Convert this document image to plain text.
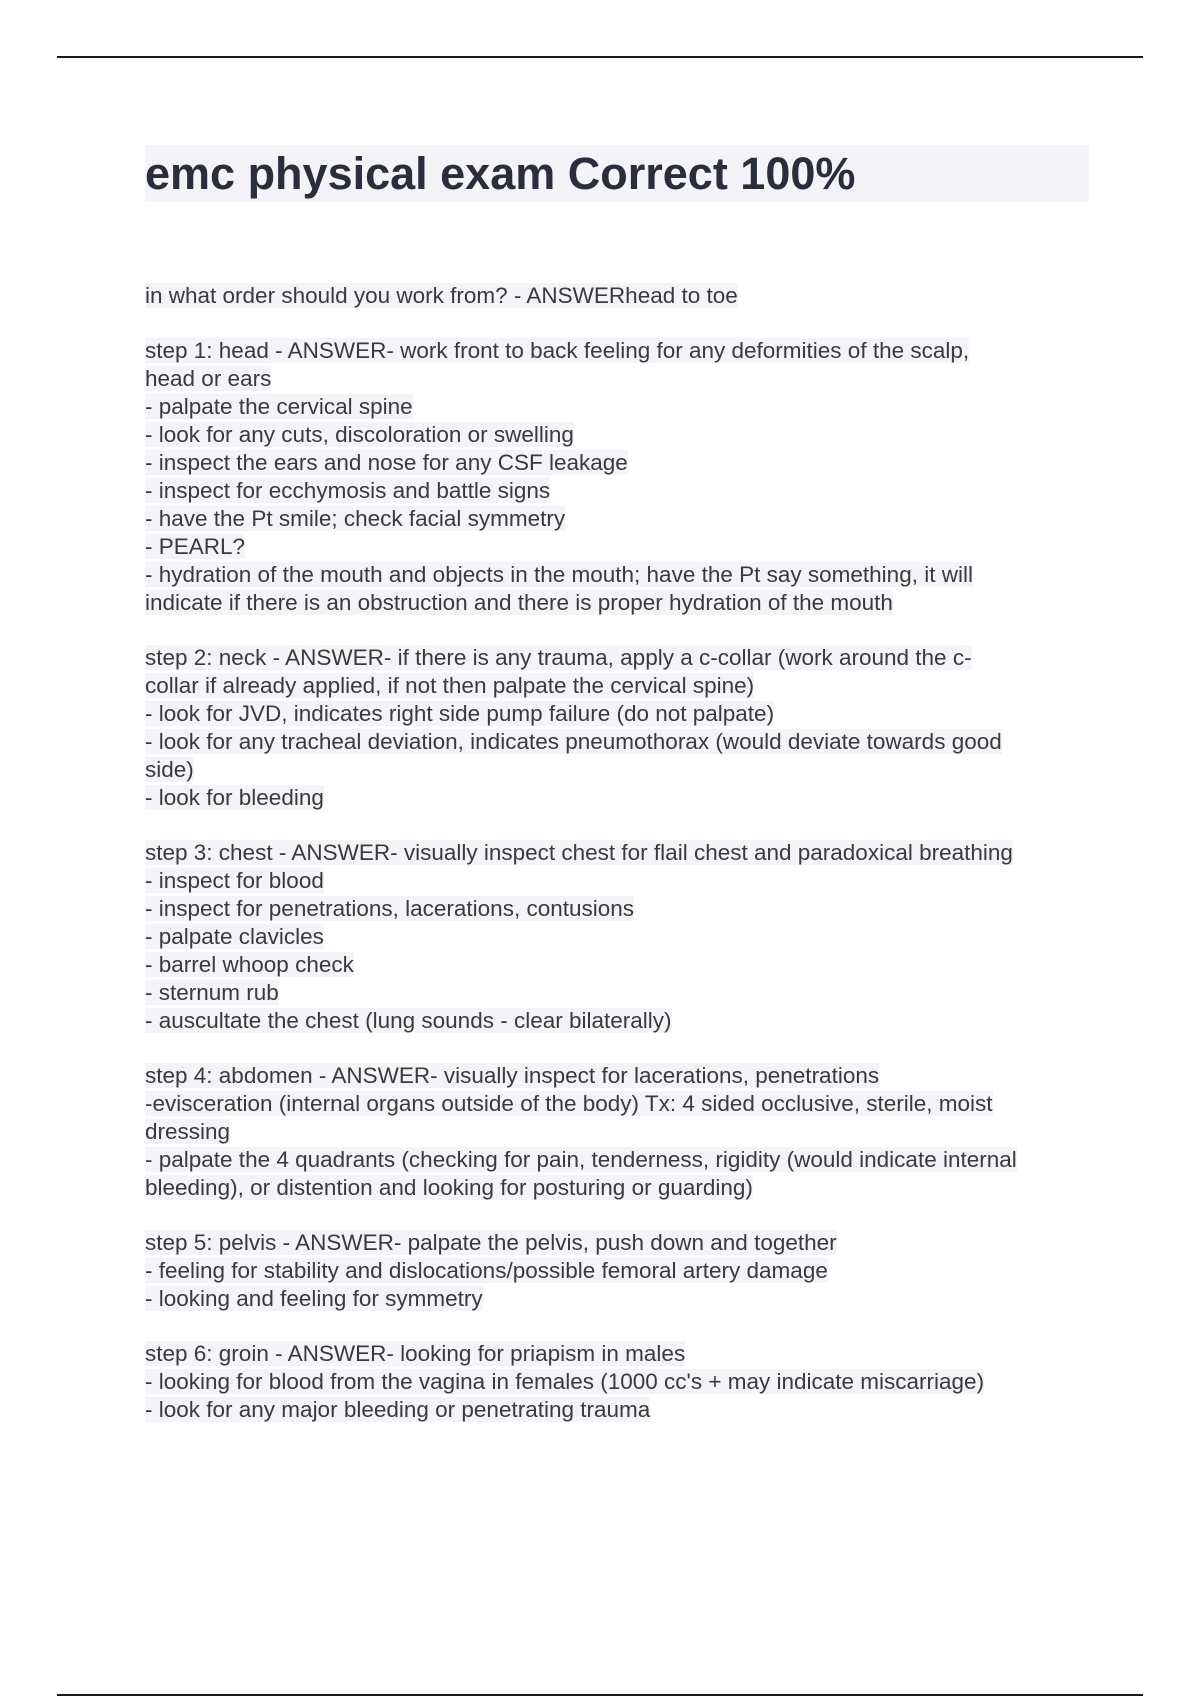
emc physical exam Correct 100%

in what order should you work from? - ANSWERhead to toe

step 1: head - ANSWER- work front to back feeling for any deformities of the scalp,
head or ears
- palpate the cervical spine
- look for any cuts, discoloration or swelling
- inspect the ears and nose for any CSF leakage
- inspect for ecchymosis and battle signs
- have the Pt smile; check facial symmetry
- PEARL?
- hydration of the mouth and objects in the mouth; have the Pt say something, it will
indicate if there is an obstruction and there is proper hydration of the mouth

step 2: neck - ANSWER- if there is any trauma, apply a c-collar (work around the c-
collar if already applied, if not then palpate the cervical spine)
- look for JVD, indicates right side pump failure (do not palpate)
- look for any tracheal deviation, indicates pneumothorax (would deviate towards good
side)
- look for bleeding

step 3: chest - ANSWER- visually inspect chest for flail chest and paradoxical breathing
- inspect for blood
- inspect for penetrations, lacerations, contusions
- palpate clavicles
- barrel whoop check
- sternum rub
- auscultate the chest (lung sounds - clear bilaterally)

step 4: abdomen - ANSWER- visually inspect for lacerations, penetrations
-evisceration (internal organs outside of the body) Tx: 4 sided occlusive, sterile, moist
dressing
- palpate the 4 quadrants (checking for pain, tenderness, rigidity (would indicate internal
bleeding), or distention and looking for posturing or guarding)

step 5: pelvis - ANSWER- palpate the pelvis, push down and together
- feeling for stability and dislocations/possible femoral artery damage
- looking and feeling for symmetry

step 6: groin - ANSWER- looking for priapism in males
- looking for blood from the vagina in females (1000 cc's + may indicate miscarriage)
- look for any major bleeding or penetrating trauma
